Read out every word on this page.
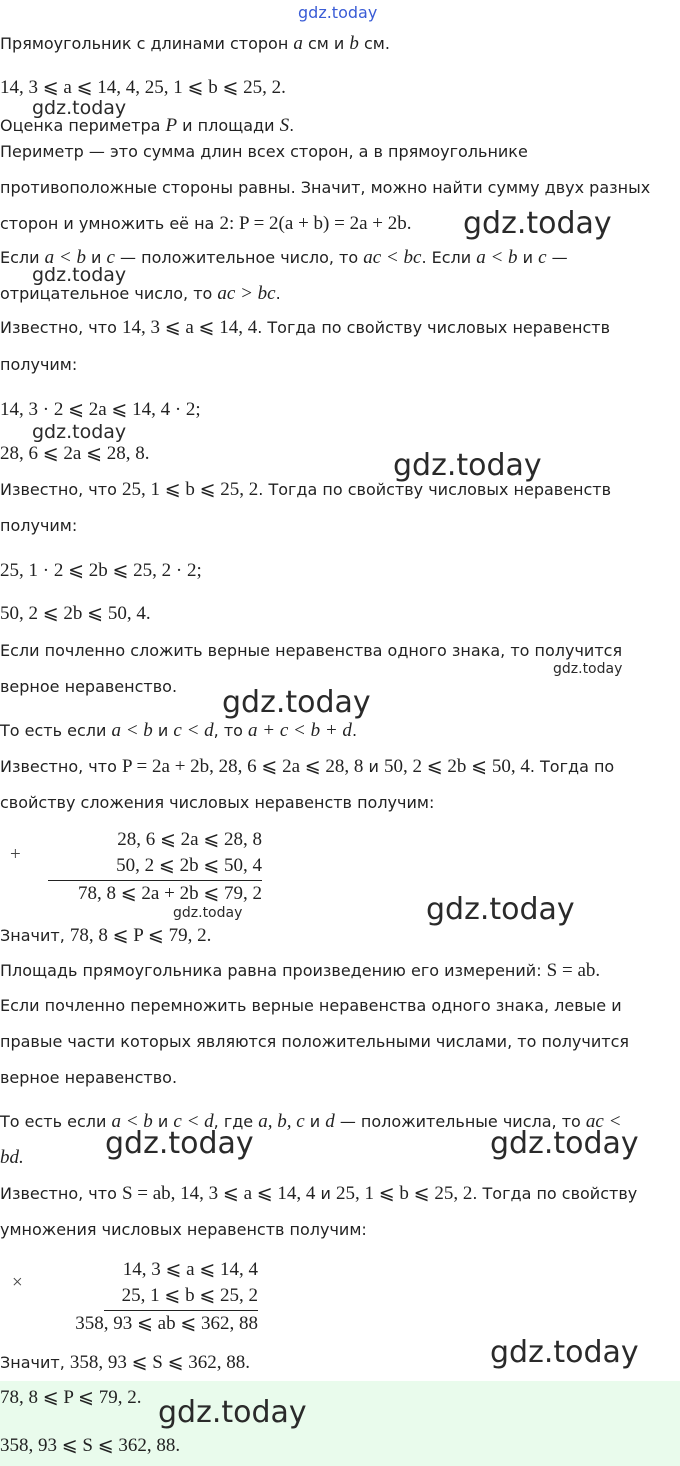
Прямоугольник с длинами сторон a см и b см.
14, 3 ⩽ a ⩽ 14, 4, 25, 1 ⩽ b ⩽ 25, 2.
Оценка периметра P и площади S.
Периметр — это сумма длин всех сторон, а в прямоугольнике
противоположные стороны равны. Значит, можно найти сумму двух разных
сторон и умножить её на 2: P = 2(a + b) = 2a + 2b.
Если a < b и c — положительное число, то ac < bc. Если a < b и c —
отрицательное число, то ac > bc.
Известно, что 14, 3 ⩽ a ⩽ 14, 4. Тогда по свойству числовых неравенств
получим:
14, 3 · 2 ⩽ 2a ⩽ 14, 4 · 2;
28, 6 ⩽ 2a ⩽ 28, 8.
Известно, что 25, 1 ⩽ b ⩽ 25, 2. Тогда по свойству числовых неравенств
получим:
25, 1 · 2 ⩽ 2b ⩽ 25, 2 · 2;
50, 2 ⩽ 2b ⩽ 50, 4.
Если почленно сложить верные неравенства одного знака, то получится
верное неравенство.
То есть если a < b и c < d, то a + c < b + d.
Известно, что P = 2a + 2b, 28, 6 ⩽ 2a ⩽ 28, 8 и 50, 2 ⩽ 2b ⩽ 50, 4. Тогда по
свойству сложения числовых неравенств получим:
+
28, 6 ⩽ 2a ⩽ 28, 8
50, 2 ⩽ 2b ⩽ 50, 4
78, 8 ⩽ 2a + 2b ⩽ 79, 2
Значит, 78, 8 ⩽ P ⩽ 79, 2.
Площадь прямоугольника равна произведению его измерений: S = ab.
Если почленно перемножить верные неравенства одного знака, левые и
правые части которых являются положительными числами, то получится
верное неравенство.
То есть если a < b и c < d, где a, b, c и d — положительные числа, то ac <
bd.
Известно, что S = ab, 14, 3 ⩽ a ⩽ 14, 4 и 25, 1 ⩽ b ⩽ 25, 2. Тогда по свойству
умножения числовых неравенств получим:
×
14, 3 ⩽ a ⩽ 14, 4
25, 1 ⩽ b ⩽ 25, 2
358, 93 ⩽ ab ⩽ 362, 88
Значит, 358, 93 ⩽ S ⩽ 362, 88.
78, 8 ⩽ P ⩽ 79, 2.
358, 93 ⩽ S ⩽ 362, 88.
gdz.today
gdz.today
gdz.today
gdz.today
gdz.today
gdz.today
gdz.today
gdz.today
gdz.today
gdz.today
gdz.today	gdz.today
gdz.today
gdz.today
